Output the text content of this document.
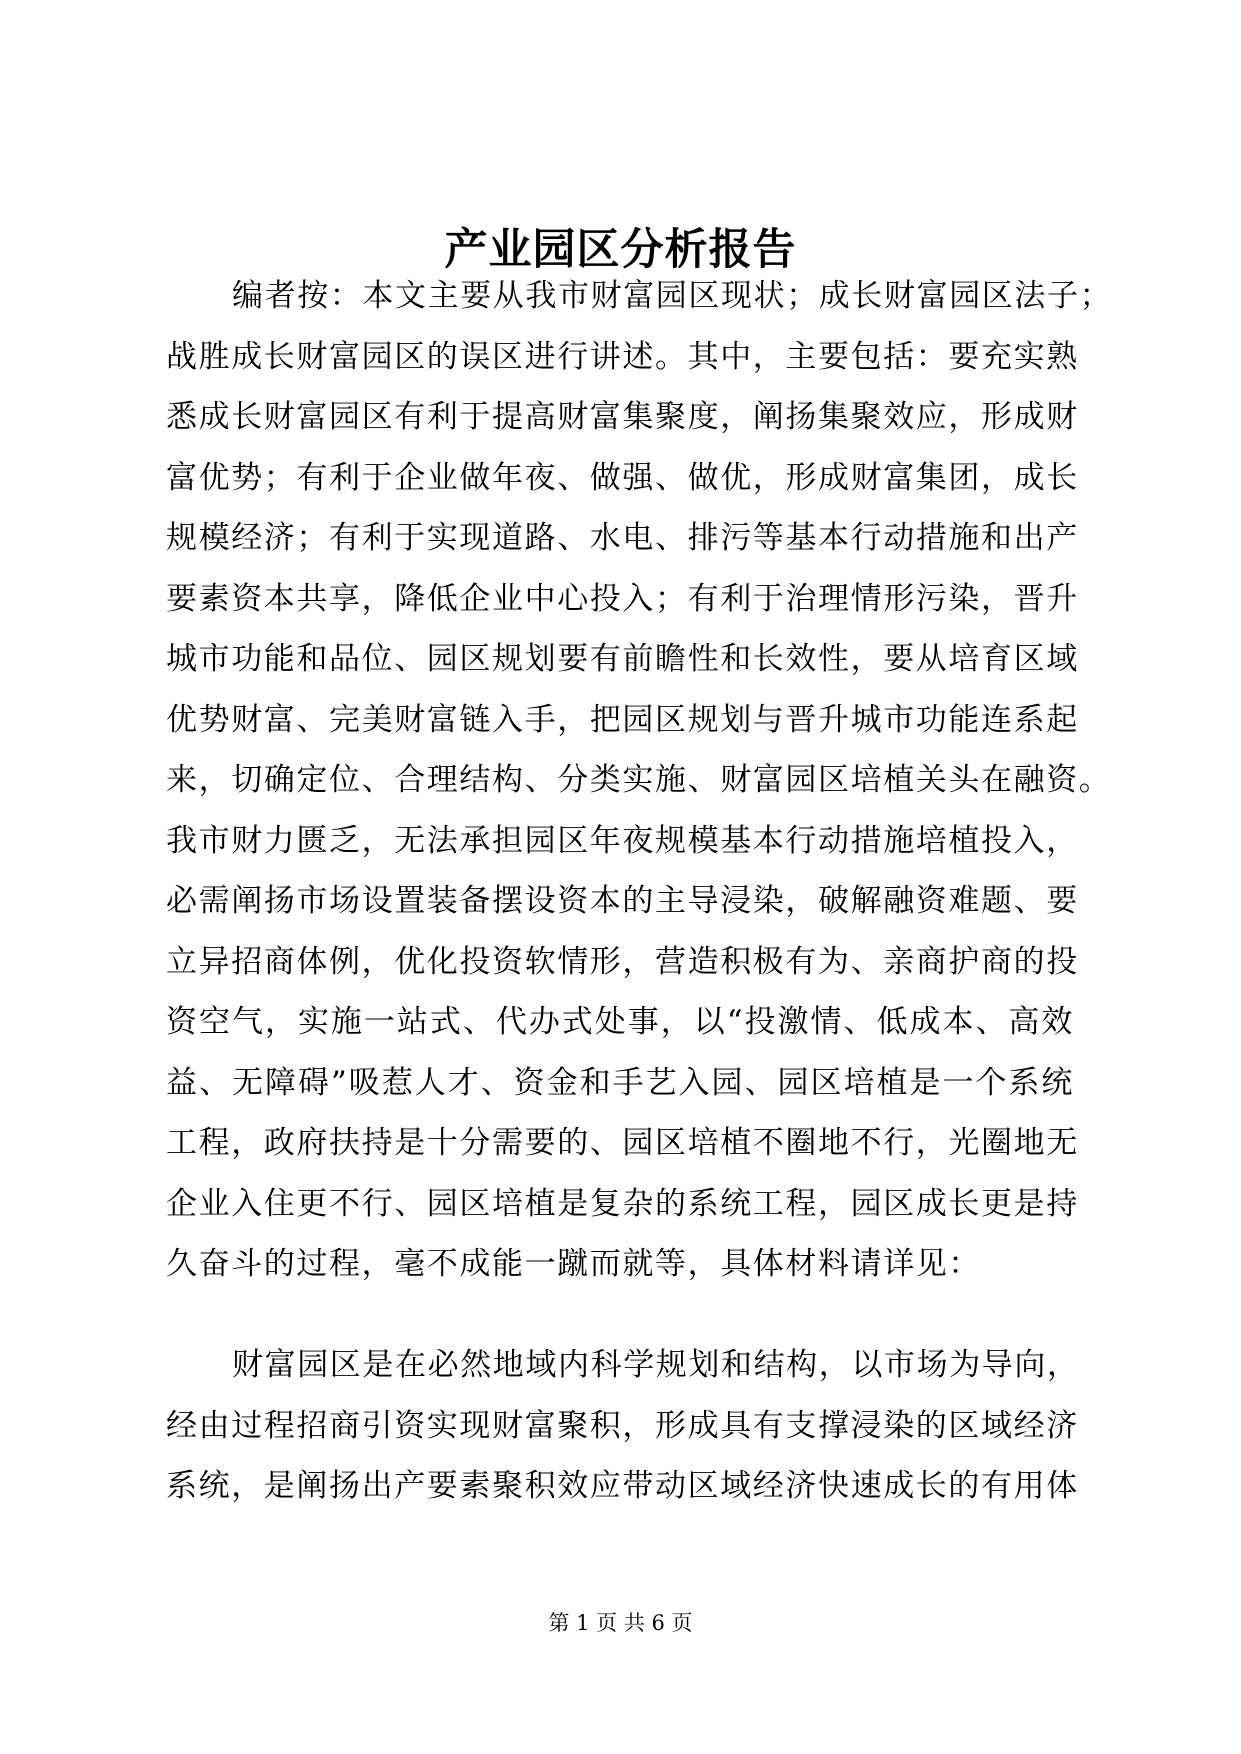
产业园区分析报告
编者按：本文主要从我市财富园区现状；成长财富园区法子；
战胜成长财富园区的误区进行讲述。其中，主要包括：要充实熟
悉成长财富园区有利于提高财富集聚度，阐扬集聚效应，形成财
富优势；有利于企业做年夜、做强、做优，形成财富集团，成长
规模经济；有利于实现道路、水电、排污等基本行动措施和出产
要素资本共享，降低企业中心投入；有利于治理情形污染，晋升
城市功能和品位、园区规划要有前瞻性和长效性，要从培育区域
优势财富、完美财富链入手，把园区规划与晋升城市功能连系起
来，切确定位、合理结构、分类实施、财富园区培植关头在融资。
我市财力匮乏，无法承担园区年夜规模基本行动措施培植投入，
必需阐扬市场设置装备摆设资本的主导浸染，破解融资难题、要
立异招商体例，优化投资软情形，营造积极有为、亲商护商的投
资空气，实施一站式、代办式处事，以“投激情、低成本、高效
益、无障碍”吸惹人才、资金和手艺入园、园区培植是一个系统
工程，政府扶持是十分需要的、园区培植不圈地不行，光圈地无
企业入住更不行、园区培植是复杂的系统工程，园区成长更是持
久奋斗的过程，毫不成能一蹴而就等，具体材料请详见：
财富园区是在必然地域内科学规划和结构，以市场为导向，
经由过程招商引资实现财富聚积，形成具有支撑浸染的区域经济
系统，是阐扬出产要素聚积效应带动区域经济快速成长的有用体
第 1 页 共 6 页
